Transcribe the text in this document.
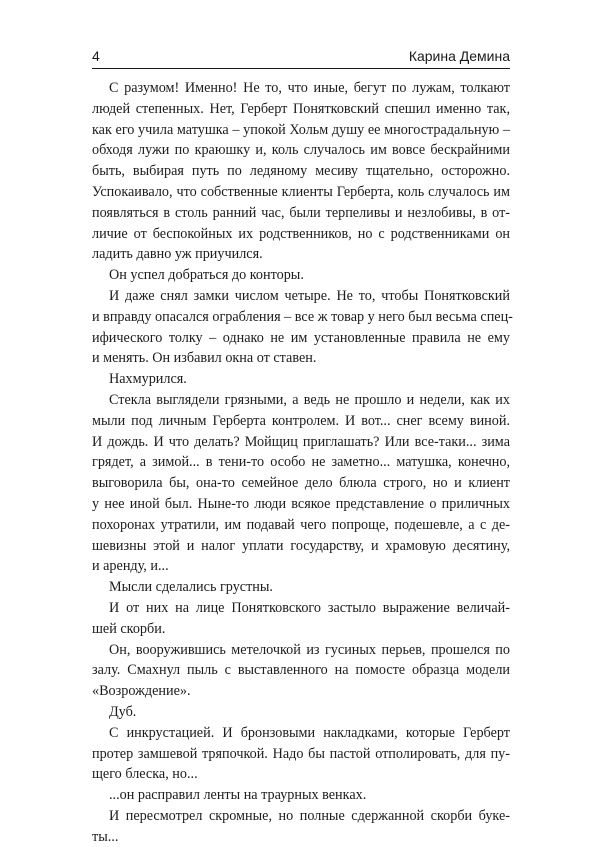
4	Карина Демина
С разумом! Именно! Не то, что иные, бегут по лужам, толкают
людей степенных. Нет, Герберт Понятковский спешил именно так,
как его учила матушка – упокой Хольм душу ее многострадальную –
обходя лужи по краюшку и, коль случалось им вовсе бескрайними
быть, выбирая путь по ледяному месиву тщательно, осторожно.
Успокаивало, что собственные клиенты Герберта, коль случалось им
появляться в столь ранний час, были терпеливы и незлобивы, в от-
личие от беспокойных их родственников, но с родственниками он
ладить давно уж приучился.
Он успел добраться до конторы.
И даже снял замки числом четыре. Не то, чтобы Понятковский
и вправду опасался ограбления – все ж товар у него был весьма спец-
ифического толку – однако не им установленные правила не ему
и менять. Он избавил окна от ставен.
Нахмурился.
Стекла выглядели грязными, а ведь не прошло и недели, как их
мыли под личным Герберта контролем. И вот... снег всему виной.
И дождь. И что делать? Мойщиц приглашать? Или все-таки... зима
грядет, а зимой... в тени-то особо не заметно... матушка, конечно,
выговорила бы, она-то семейное дело блюла строго, но и клиент
у нее иной был. Ныне-то люди всякое представление о приличных
похоронах утратили, им подавай чего попроще, подешевле, а с де-
шевизны этой и налог уплати государству, и храмовую десятину,
и аренду, и...
Мысли сделались грустны.
И от них на лице Понятковского застыло выражение величай-
шей скорби.
Он, вооружившись метелочкой из гусиных перьев, прошелся по
залу. Смахнул пыль с выставленного на помосте образца модели
«Возрождение».
Дуб.
С инкрустацией. И бронзовыми накладками, которые Герберт
протер замшевой тряпочкой. Надо бы пастой отполировать, для пу-
щего блеска, но...
...он расправил ленты на траурных венках.
И пересмотрел скромные, но полные сдержанной скорби буке-
ты...
